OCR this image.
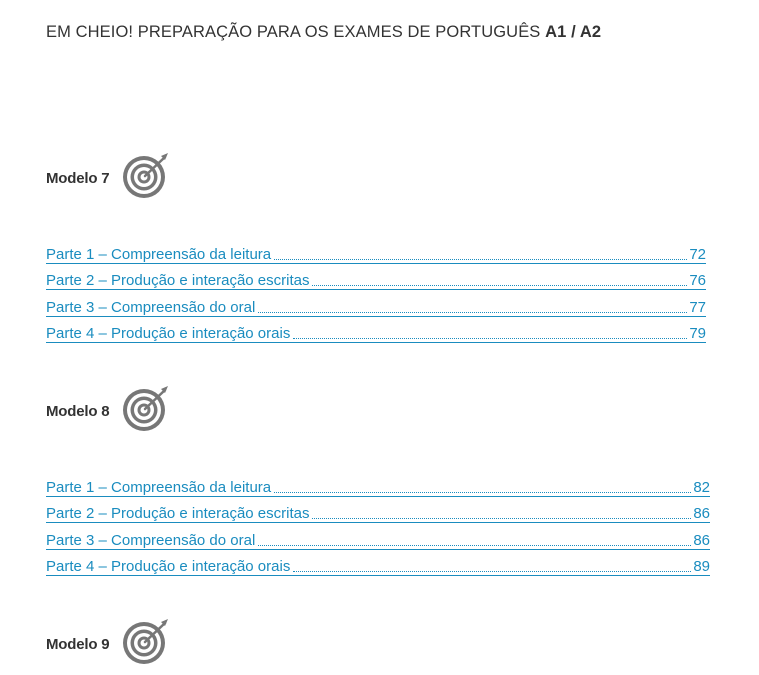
EM CHEIO! PREPARAÇÃO PARA OS EXAMES DE PORTUGUÊS A1 / A2
Modelo 7
Parte 1 – Compreensão da leitura	72
Parte 2 – Produção e interação escritas	76
Parte 3 – Compreensão do oral	77
Parte 4 – Produção e interação orais	79
Modelo 8
Parte 1 – Compreensão da leitura	82
Parte 2 – Produção e interação escritas	86
Parte 3 – Compreensão do oral	86
Parte 4 – Produção e interação orais	89
Modelo 9
